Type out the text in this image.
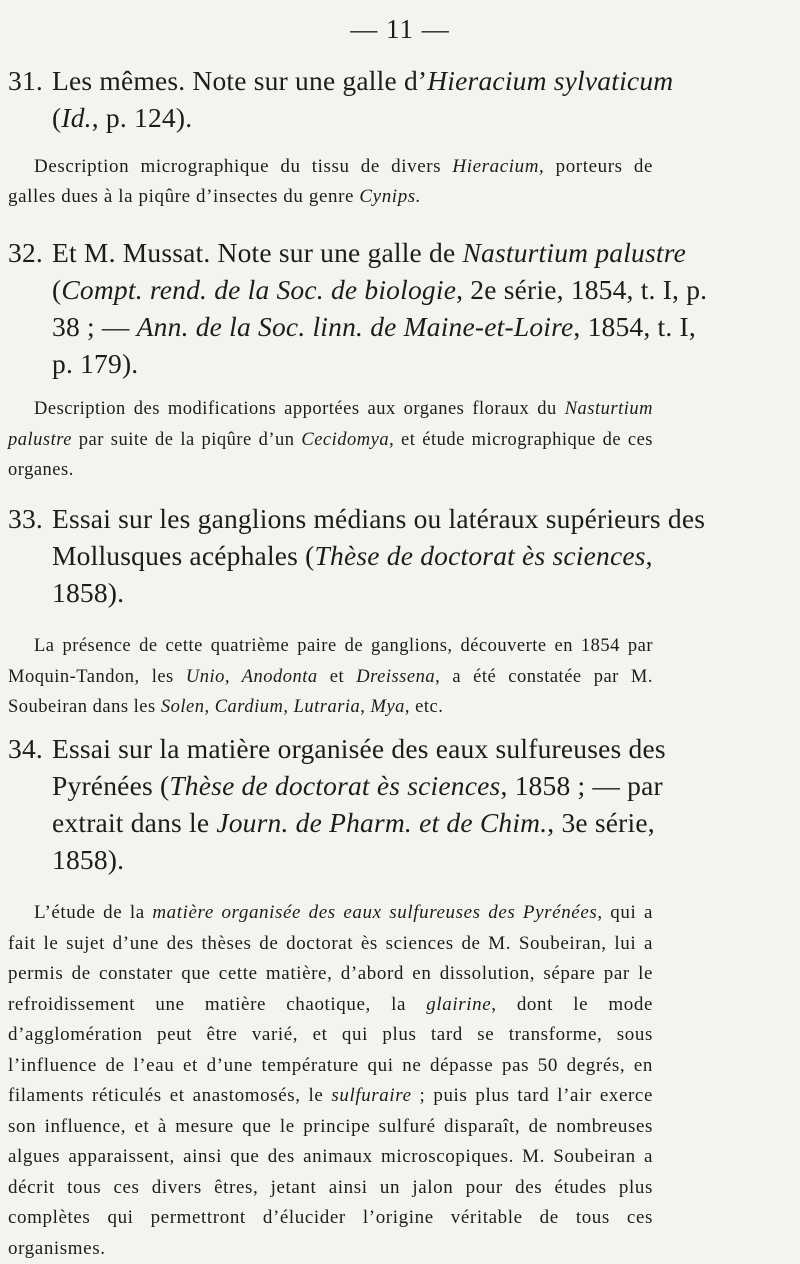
— 11 —
31. Les mêmes. Note sur une galle d’Hieracium sylvaticum (Id., p. 124).
Description micrographique du tissu de divers Hieracium, porteurs de galles dues à la piqûre d’insectes du genre Cynips.
32. Et M. Mussat. Note sur une galle de Nasturtium palustre (Compt. rend. de la Soc. de biologie, 2e série, 1854, t. I, p. 38 ; — Ann. de la Soc. linn. de Maine-et-Loire, 1854, t. I, p. 179).
Description des modifications apportées aux organes floraux du Nasturtium palustre par suite de la piqûre d’un Cecidomya, et étude micrographique de ces organes.
33. Essai sur les ganglions médians ou latéraux supérieurs des Mollusques acéphales (Thèse de doctorat ès sciences, 1858).
La présence de cette quatrième paire de ganglions, découverte en 1854 par Moquin-Tandon, les Unio, Anodonta et Dreissena, a été constatée par M. Soubeiran dans les Solen, Cardium, Lutraria, Mya, etc.
34. Essai sur la matière organisée des eaux sulfureuses des Pyrénées (Thèse de doctorat ès sciences, 1858 ; — par extrait dans le Journ. de Pharm. et de Chim., 3e série, 1858).
L’étude de la matière organisée des eaux sulfureuses des Pyrénées, qui a fait le sujet d’une des thèses de doctorat ès sciences de M. Soubeiran, lui a permis de constater que cette matière, d’abord en dissolution, sépare par le refroidissement une matière chaotique, la glairine, dont le mode d’agglomération peut être varié, et qui plus tard se transforme, sous l’influence de l’eau et d’une température qui ne dépasse pas 50 degrés, en filaments réticulés et anastomosés, le sulfuraire ; puis plus tard l’air exerce son influence, et à mesure que le principe sulfuré disparaît, de nombreuses algues apparaissent, ainsi que des animaux microscopiques. M. Soubeiran a décrit tous ces divers êtres, jetant ainsi un jalon pour des études plus complètes qui permettront d’élucider l’origine véritable de tous ces organismes.
